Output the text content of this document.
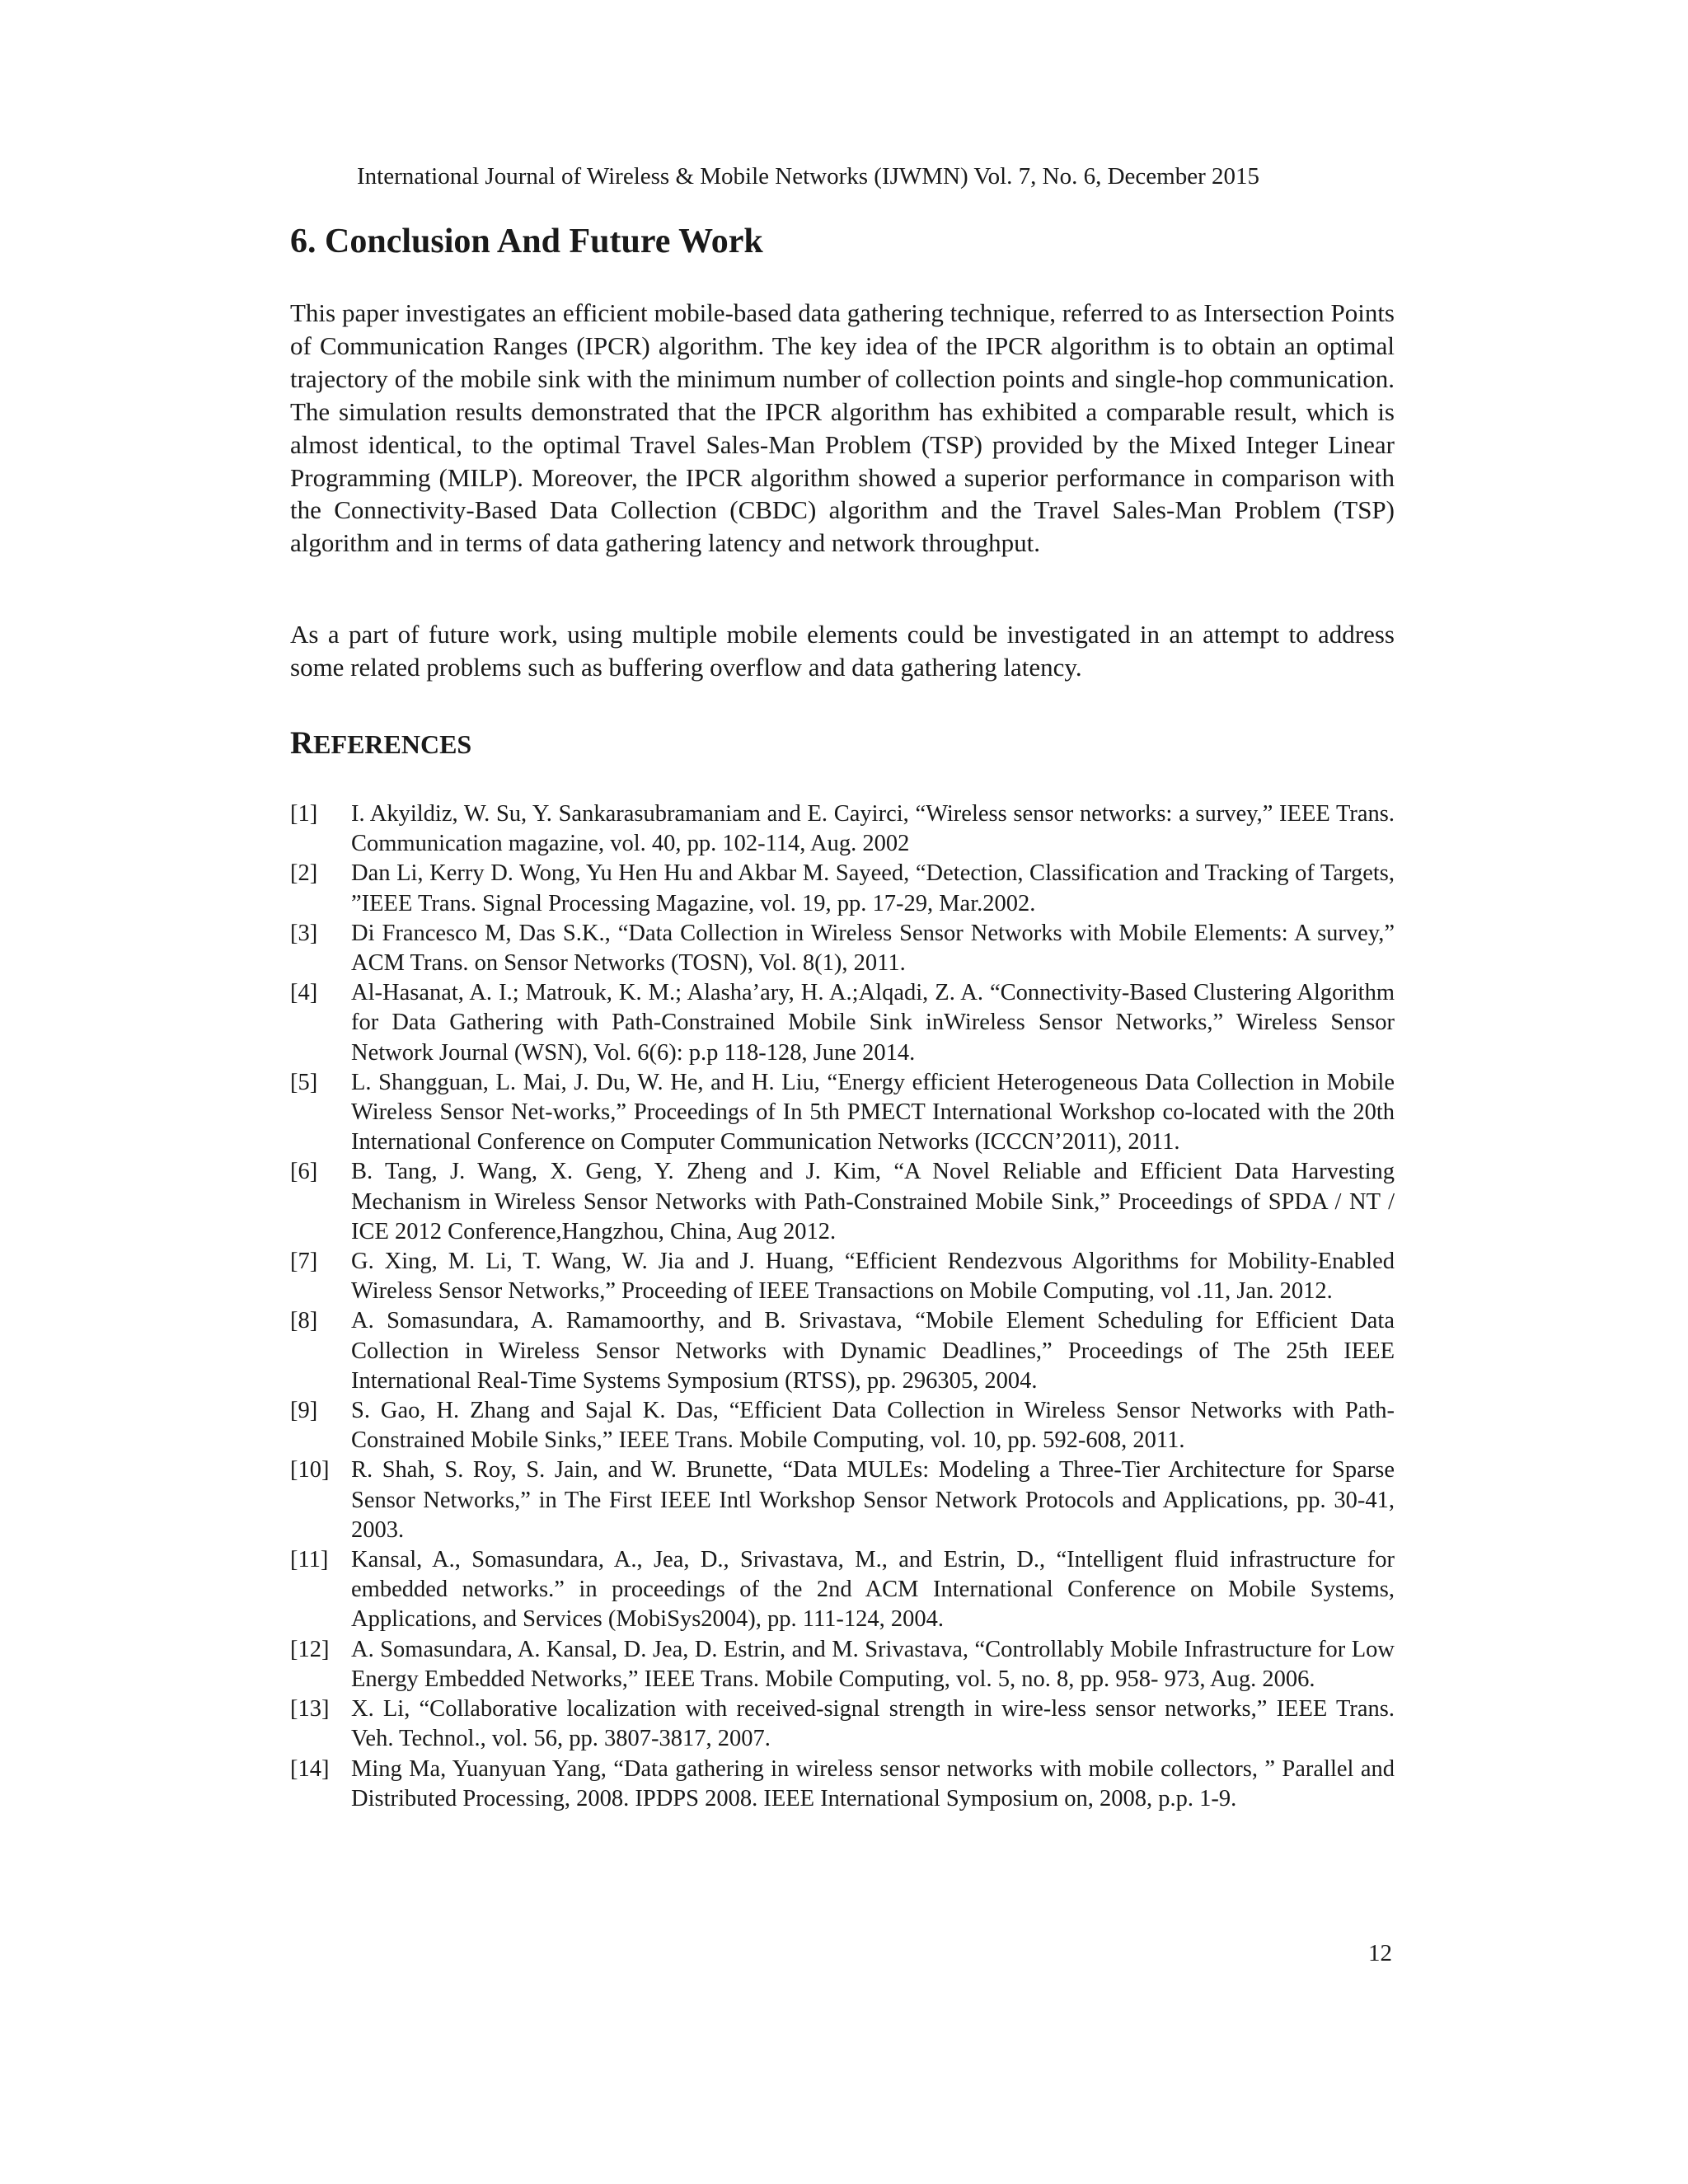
International Journal of Wireless & Mobile Networks (IJWMN) Vol. 7, No. 6, December 2015
6. Conclusion And Future Work

This paper investigates an efficient mobile-based data gathering technique, referred to as Intersection Points of Communication Ranges (IPCR) algorithm. The key idea of the IPCR algorithm is to obtain an optimal trajectory of the mobile sink with the minimum number of collection points and single-hop communication. The simulation results demonstrated that the IPCR algorithm has exhibited a comparable result, which is almost identical, to the optimal Travel Sales-Man Problem (TSP) provided by the Mixed Integer Linear Programming (MILP). Moreover, the IPCR algorithm showed a superior performance in comparison with the Connectivity-Based Data Collection (CBDC) algorithm and the Travel Sales-Man Problem (TSP) algorithm and in terms of data gathering latency and network throughput.

As a part of future work, using multiple mobile elements could be investigated in an attempt to address some related problems such as buffering overflow and data gathering latency.

REFERENCES
[1]	I. Akyildiz, W. Su, Y. Sankarasubramaniam and E. Cayirci, “Wireless sensor networks: a survey,” IEEE Trans. Communication magazine, vol. 40, pp. 102-114, Aug. 2002
[2]	Dan Li, Kerry D. Wong, Yu Hen Hu and Akbar M. Sayeed, “Detection, Classification and Tracking of Targets, ”IEEE Trans. Signal Processing Magazine, vol. 19, pp. 17-29, Mar.2002.
[3]	Di Francesco M, Das S.K., “Data Collection in Wireless Sensor Networks with Mobile Elements: A survey,” ACM Trans. on Sensor Networks (TOSN), Vol. 8(1), 2011.
[4]	Al-Hasanat, A. I.; Matrouk, K. M.; Alasha’ary, H. A.;Alqadi, Z. A. “Connectivity-Based Clustering Algorithm for Data Gathering with Path-Constrained Mobile Sink inWireless Sensor Networks,” Wireless Sensor Network Journal (WSN), Vol. 6(6): p.p 118-128, June 2014.
[5]	L. Shangguan, L. Mai, J. Du, W. He, and H. Liu, “Energy efficient Heterogeneous Data Collection in Mobile Wireless Sensor Net-works,” Proceedings of In 5th PMECT International Workshop co-located with the 20th International Conference on Computer Communication Networks (ICCCN’2011), 2011.
[6]	B. Tang, J. Wang, X. Geng, Y. Zheng and J. Kim, “A Novel Reliable and Efficient Data Harvesting Mechanism in Wireless Sensor Networks with Path-Constrained Mobile Sink,” Proceedings of SPDA / NT / ICE 2012 Conference,Hangzhou, China, Aug 2012.
[7]	G. Xing, M. Li, T. Wang, W. Jia and J. Huang, “Efficient Rendezvous Algorithms for Mobility-Enabled Wireless Sensor Networks,” Proceeding of IEEE Transactions on Mobile Computing, vol .11, Jan. 2012.
[8]	A. Somasundara, A. Ramamoorthy, and B. Srivastava, “Mobile Element Scheduling for Efficient Data Collection in Wireless Sensor Networks with Dynamic Deadlines,” Proceedings of The 25th IEEE International Real-Time Systems Symposium (RTSS), pp. 296305, 2004.
[9]	S. Gao, H. Zhang and Sajal K. Das, “Efficient Data Collection in Wireless Sensor Networks with Path-Constrained Mobile Sinks,” IEEE Trans. Mobile Computing, vol. 10, pp. 592-608, 2011.
[10] R. Shah, S. Roy, S. Jain, and W. Brunette, “Data MULEs: Modeling a Three-Tier Architecture for Sparse Sensor Networks,” in The First IEEE Intl Workshop Sensor Network Protocols and Applications, pp. 30-41, 2003.
[11] Kansal, A., Somasundara, A., Jea, D., Srivastava, M., and Estrin, D., “Intelligent fluid infrastructure for embedded networks.” in proceedings of the 2nd ACM International Conference on Mobile Systems, Applications, and Services (MobiSys2004), pp. 111-124, 2004.
[12] A. Somasundara, A. Kansal, D. Jea, D. Estrin, and M. Srivastava, “Controllably Mobile Infrastructure for Low Energy Embedded Networks,” IEEE Trans. Mobile Computing, vol. 5, no. 8, pp. 958- 973, Aug. 2006.
[13] X. Li, “Collaborative localization with received-signal strength in wire-less sensor networks,” IEEE Trans. Veh. Technol., vol. 56, pp. 3807-3817, 2007.
[14] Ming Ma, Yuanyuan Yang, “Data gathering in wireless sensor networks with mobile collectors, ” Parallel and Distributed Processing, 2008. IPDPS 2008. IEEE International Symposium on, 2008, p.p. 1-9.
12
